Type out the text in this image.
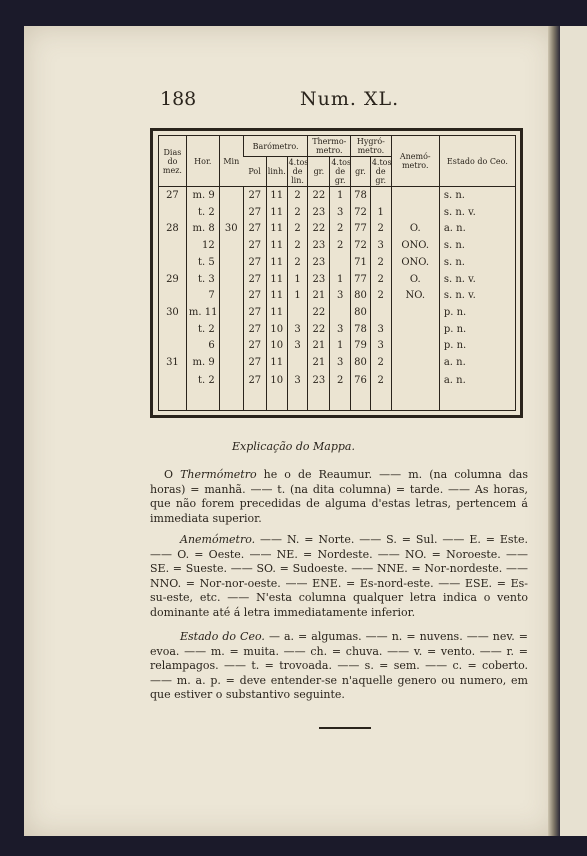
188	Num. XL.
Dias do mez.	Hor.	Min	Barómetro.			Thermo-metro.		Hygró-metro.		Anemó-metro.	Estado do Ceo.
			Pol	linh.	4.tos de lin.	gr.	4.tos de gr.	gr.	4.tos de gr.		
27	m. 9		27	11	2	22	1	78			s. n.
	t. 2		27	11	2	23	3	72	1		s. n. v.
28	m. 8	30	27	11	2	22	2	77	2	O.	a. n.
	12		27	11	2	23	2	72	3	ONO.	s. n.
	t. 5		27	11	2	23		71	2	ONO.	s. n.
29	t. 3		27	11	1	23	1	77	2	O.	s. n. v.
	7		27	11	1	21	3	80	2	NO.	s. n. v.
30	m. 11		27	11		22		80			p. n.
	t. 2		27	10	3	22	3	78	3		p. n.
	6		27	10	3	21	1	79	3		p. n.
31	m. 9		27	11		21	3	80	2		a. n.
	t. 2		27	10	3	23	2	76	2		a. n.
Explicação do Mappa.
O Thermómetro he o de Reaumur. —— m. (na columna das horas) = manhã. —— t. (na dita columna) = tarde. —— As horas, que não forem precedidas de alguma d'estas letras, pertencem á immediata superior.
Anemómetro. —— N. = Norte. —— S. = Sul. —— E. = Este. —— O. = Oeste. —— NE. = Nordeste. —— NO. = Noroeste. —— SE. = Sueste. —— SO. = Sudoeste. —— NNE. = Nor-nordeste. —— NNO. = Nor-nor-oeste. —— ENE. = Es-nord-este. —— ESE. = Es-su-este, etc. —— N'esta columna qualquer letra indica o vento dominante até á letra immediatamente inferior.
Estado do Ceo. — a. = algumas. —— n. = nuvens. —— nev. = evoa. —— m. = muita. —— ch. = chuva. —— v. = vento. —— r. = relampagos. —— t. = trovoada. —— s. = sem. —— c. = coberto. —— m. a. p. = deve entender-se n'aquelle genero ou numero, em que estiver o substantivo seguinte.
